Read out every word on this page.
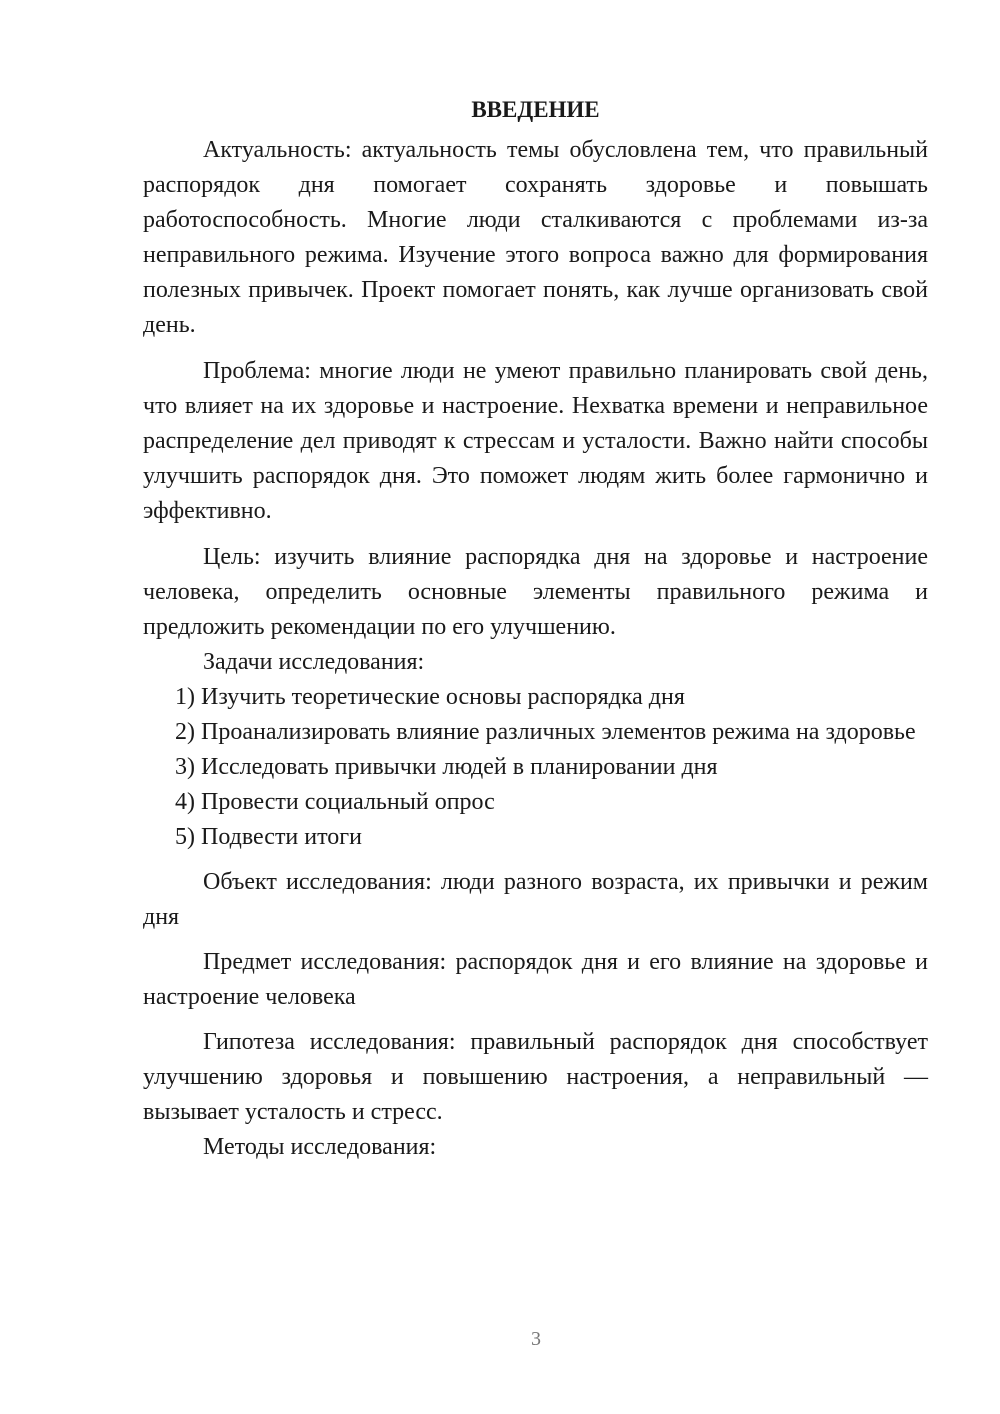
ВВЕДЕНИЕ

Актуальность: актуальность темы обусловлена тем, что правильный распорядок дня помогает сохранять здоровье и повышать работоспособность. Многие люди сталкиваются с проблемами из-за неправильного режима. Изучение этого вопроса важно для формирования полезных привычек. Проект помогает понять, как лучше организовать свой день.

Проблема: многие люди не умеют правильно планировать свой день, что влияет на их здоровье и настроение. Нехватка времени и неправильное распределение дел приводят к стрессам и усталости. Важно найти способы улучшить распорядок дня. Это поможет людям жить более гармонично и эффективно.

Цель: изучить влияние распорядка дня на здоровье и настроение человека, определить основные элементы правильного режима и предложить рекомендации по его улучшению.

Задачи исследования:

1) Изучить теоретические основы распорядка дня

2) Проанализировать влияние различных элементов режима на здоровье

3) Исследовать привычки людей в планировании дня

4) Провести социальный опрос

5) Подвести итоги

Объект исследования: люди разного возраста, их привычки и режим дня

Предмет исследования: распорядок дня и его влияние на здоровье и настроение человека

Гипотеза исследования: правильный распорядок дня способствует улучшению здоровья и повышению настроения, а неправильный — вызывает усталость и стресс.

Методы исследования:

3
